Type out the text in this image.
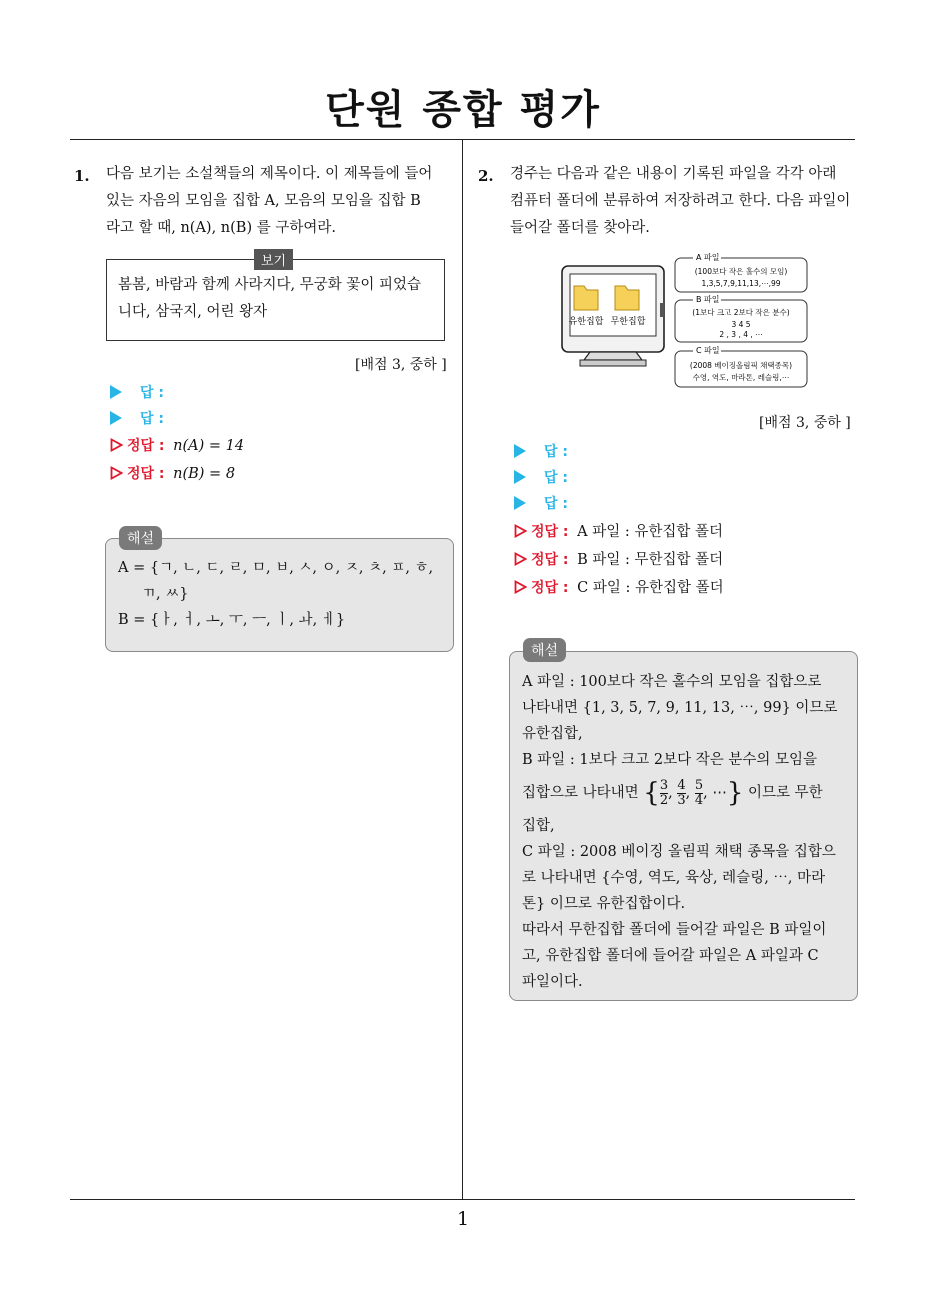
단원 종합 평가
1
1. 다음 보기는 소설책들의 제목이다. 이 제목들에 들어
있는 자음의 모임을 집합 A, 모음의 모임을 집합 B
라고 할 때, n(A), n(B) 를 구하여라.
보기
봄봄, 바람과 함께 사라지다, 무궁화 꽃이 피었습
니다, 삼국지, 어린 왕자
[배점 3, 중하 ]
답 :
답 :
정답 : n(A) = 14
정답 : n(B) = 8
해설
A = {ㄱ, ㄴ, ㄷ, ㄹ, ㅁ, ㅂ, ㅅ, ㅇ, ㅈ, ㅊ, ㅍ, ㅎ,
ㄲ, ㅆ}
B = {ㅏ, ㅓ, ㅗ, ㅜ, ㅡ, ㅣ, ㅘ, ㅔ}
2. 경주는 다음과 같은 내용이 기록된 파일을 각각 아래
컴퓨터 폴더에 분류하여 저장하려고 한다. 다음 파일이
들어갈 폴더를 찾아라.
유한집합 무한집합
A 파일
(100보다 작은 홀수의 모임)
1,3,5,7,9,11,13,⋯,99
B 파일
(1보다 크고 2보다 작은 분수)
3 4 5
2 , 3 , 4 , ⋯
C 파일
(2008 베이징올림픽 채택종목)
수영, 역도, 마라톤, 레슬링,⋯
[배점 3, 중하 ]
답 :
답 :
답 :
정답 : A 파일 : 유한집합 폴더
정답 : B 파일 : 무한집합 폴더
정답 : C 파일 : 유한집합 폴더
해설
A 파일 : 100보다 작은 홀수의 모임을 집합으로
나타내면 {1, 3, 5, 7, 9, 11, 13, ⋯, 99} 이므로
유한집합,
B 파일 : 1보다 크고 2보다 작은 분수의 모임을
집합으로 나타내면 { $\frac{3}{2}$ , $\frac{4}{3}$ , $\frac{5}{4}$ , ⋯} 이므로 무한
집합,
C 파일 : 2008 베이징 올림픽 채택 종목을 집합으
로 나타내면 {수영, 역도, 육상, 레슬링, ⋯, 마라
톤} 이므로 유한집합이다.
따라서 무한집합 폴더에 들어갈 파일은 B 파일이
고, 유한집합 폴더에 들어갈 파일은 A 파일과 C
파일이다.
